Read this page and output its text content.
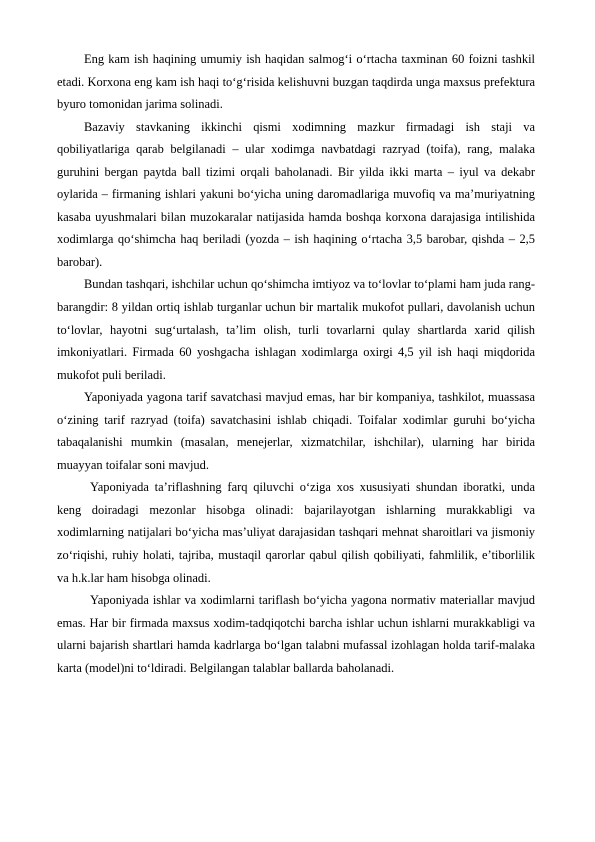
Eng kam ish haqining umumiy ish haqidan salmog‘i o‘rtacha taxminan 60 foizni tashkil etadi. Korxona eng kam ish haqi to‘g‘risida kelishuvni buzgan taqdirda unga maxsus prefektura byuro tomonidan jarima solinadi.

Bazaviy stavkaning ikkinchi qismi xodimning mazkur firmadagi ish staji va qobiliyatlariga qarab belgilanadi – ular xodimga navbatdagi razryad (toifa), rang, malaka guruhini bergan paytda ball tizimi orqali baholanadi. Bir yilda ikki marta – iyul va dekabr oylarida – firmaning ishlari yakuni bo‘yicha uning daromadlariga muvofiq va ma’muriyatning kasaba uyushmalari bilan muzokaralar natijasida hamda boshqa korxona darajasiga intilishida xodimlarga qo‘shimcha haq beriladi (yozda – ish haqining o‘rtacha 3,5 barobar, qishda – 2,5 barobar).

Bundan tashqari, ishchilar uchun qo‘shimcha imtiyoz va to‘lovlar to‘plami ham juda rang-barangdir: 8 yildan ortiq ishlab turganlar uchun bir martalik mukofot pullari, davolanish uchun to‘lovlar, hayotni sug‘urtalash, ta’lim olish, turli tovarlarni qulay shartlarda xarid qilish imkoniyatlari. Firmada 60 yoshgacha ishlagan xodimlarga oxirgi 4,5 yil ish haqi miqdorida mukofot puli beriladi.

Yaponiyada yagona tarif savatchasi mavjud emas, har bir kompaniya, tashkilot, muassasa o‘zining tarif razryad (toifa) savatchasini ishlab chiqadi. Toifalar xodimlar guruhi bo‘yicha tabaqalanishi mumkin (masalan, menejerlar, xizmatchilar, ishchilar), ularning har birida muayyan toifalar soni mavjud.

Yaponiyada ta’riflashning farq qiluvchi o‘ziga xos xususiyati shundan iboratki, unda keng doiradagi mezonlar hisobga olinadi: bajarilayotgan ishlarning murakkabligi va xodimlarning natijalari bo‘yicha mas’uliyat darajasidan tashqari mehnat sharoitlari va jismoniy zo‘riqishi, ruhiy holati, tajriba, mustaqil qarorlar qabul qilish qobiliyati, fahmlilik, e’tiborlilik va h.k.lar ham hisobga olinadi.

Yaponiyada ishlar va xodimlarni tariflash bo‘yicha yagona normativ materiallar mavjud emas. Har bir firmada maxsus xodim-tadqiqotchi barcha ishlar uchun ishlarni murakkabligi va ularni bajarish shartlari hamda kadrlarga bo‘lgan talabni mufassal izohlagan holda tarif-malaka karta (model)ni to‘ldiradi. Belgilangan talablar ballarda baholanadi.
